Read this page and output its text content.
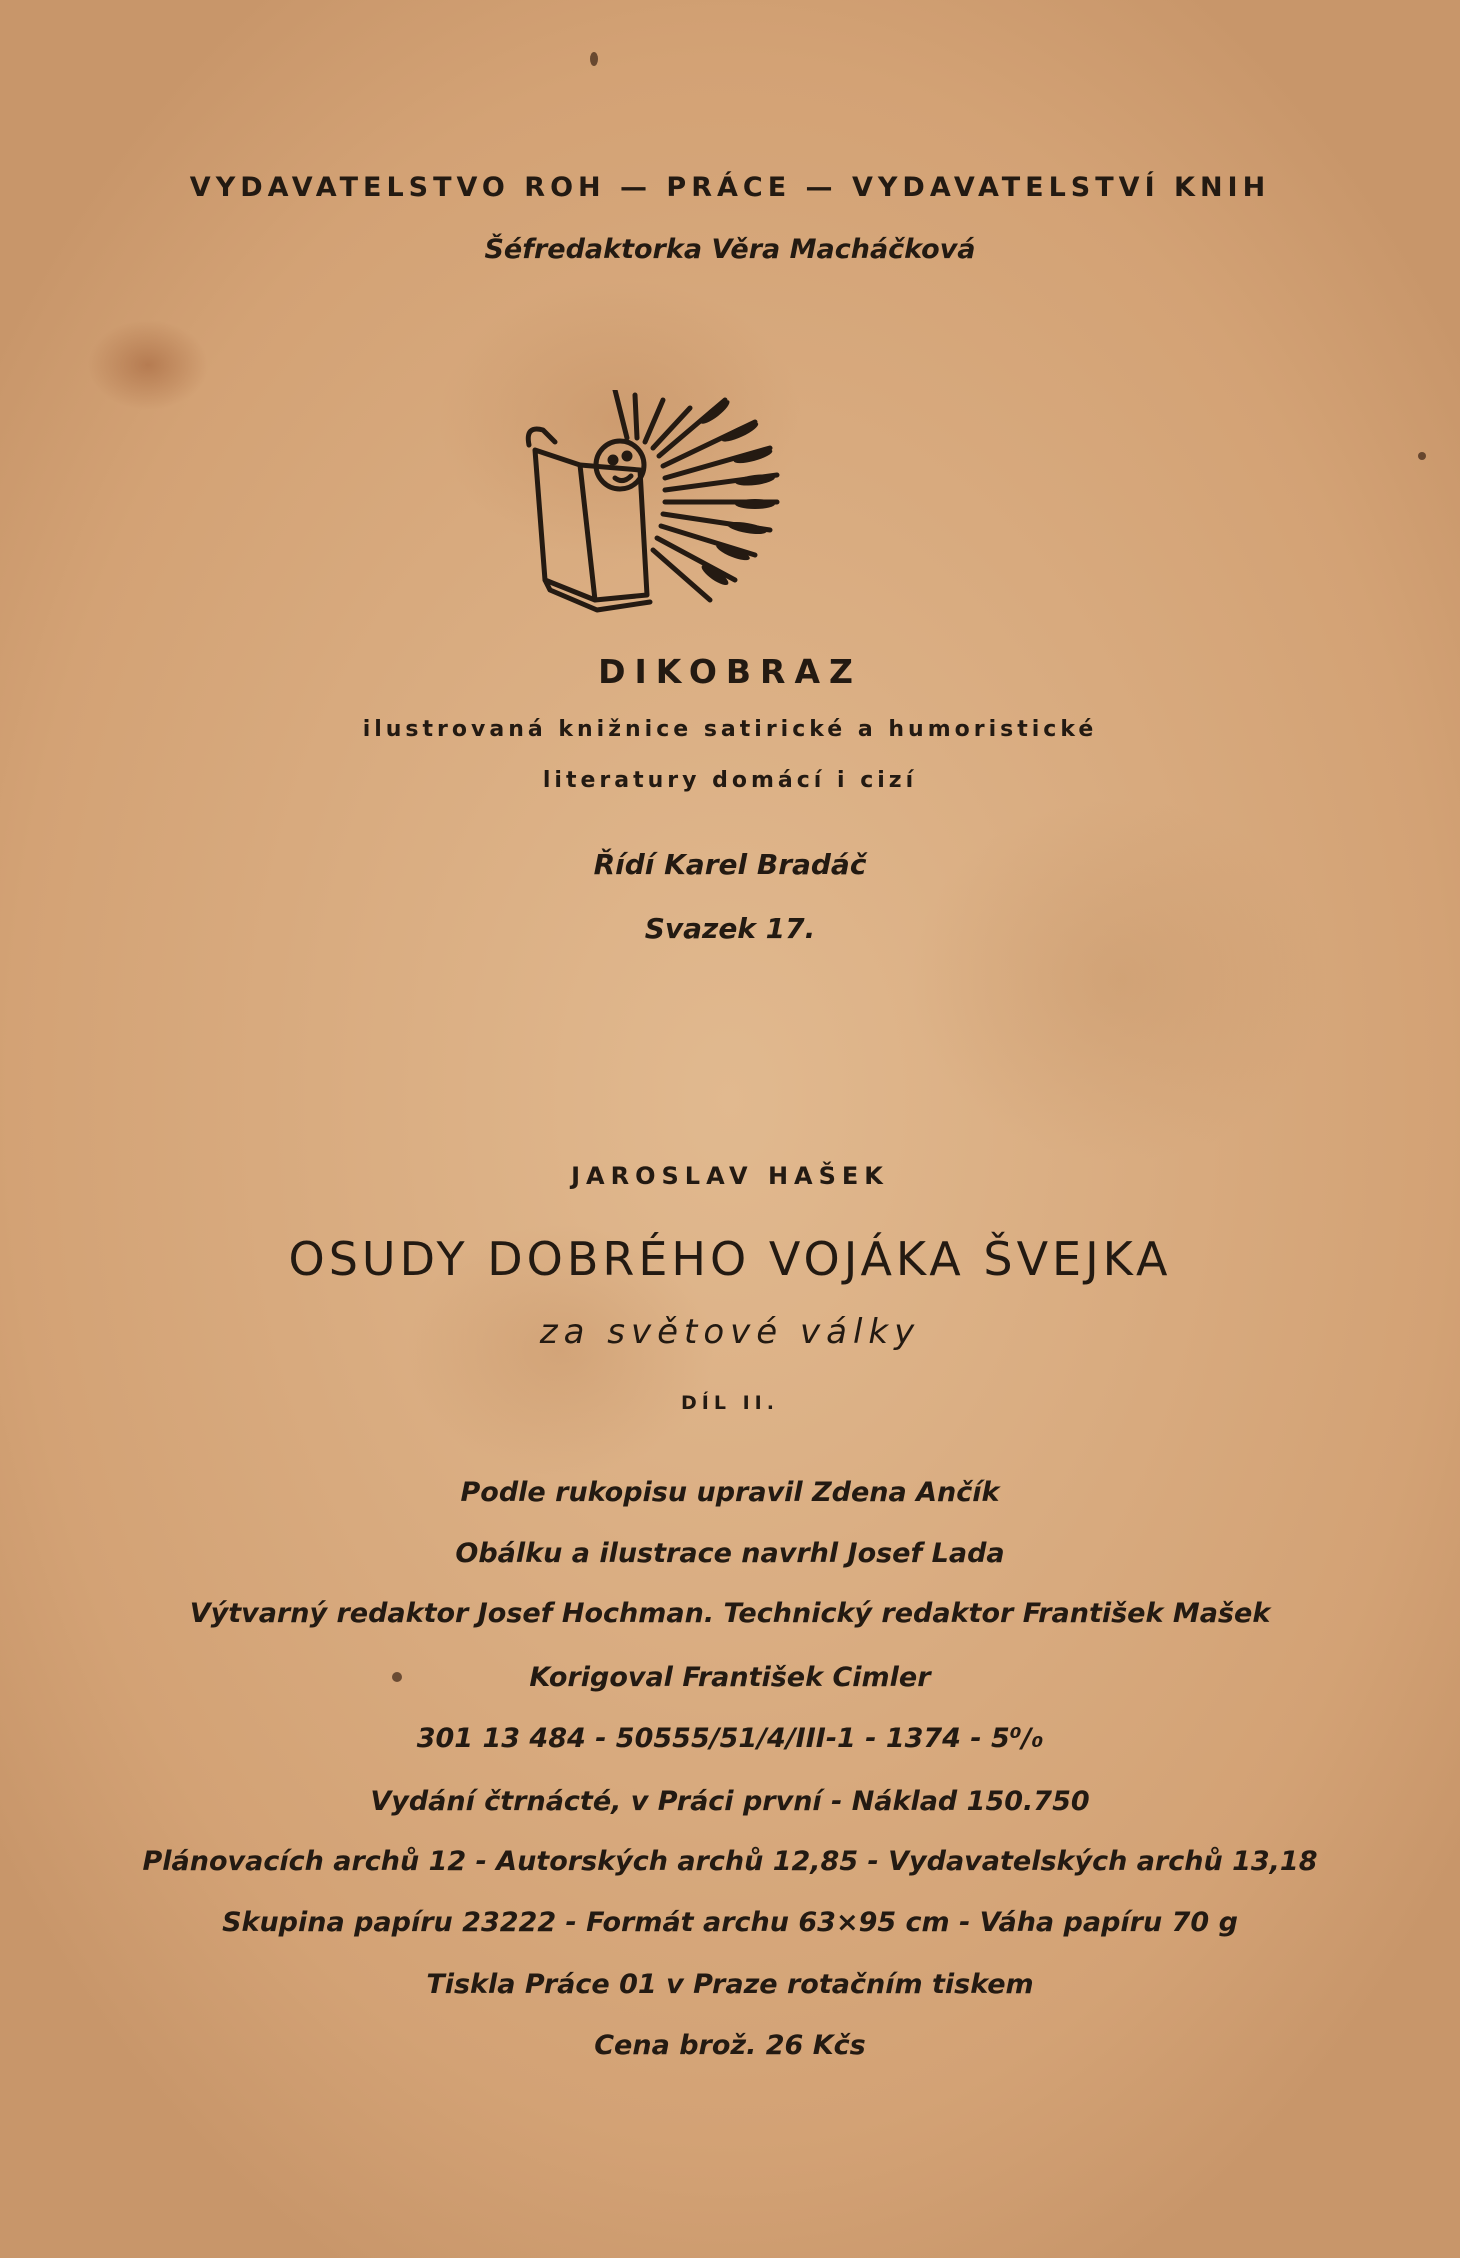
VYDAVATELSTVO ROH — PRÁCE — VYDAVATELSTVÍ KNIH
Šéfredaktorka Věra Macháčková
DIKOBRAZ
ilustrovaná knižnice satirické a humoristické
literatury domácí i cizí
Řídí Karel Bradáč
Svazek 17.
JAROSLAV HAŠEK
OSUDY DOBRÉHO VOJÁKA ŠVEJKA
za světové války
DÍL II.
Podle rukopisu upravil Zdena Ančík
Obálku a ilustrace navrhl Josef Lada
Výtvarný redaktor Josef Hochman. Technický redaktor František Mašek
Korigoval František Cimler
301 13 484 - 50555/51/4/III-1 - 1374 - 5⁰/₀
Vydání čtrnácté, v Práci první - Náklad 150.750
Plánovacích archů 12 - Autorských archů 12,85 - Vydavatelských archů 13,18
Skupina papíru 23222 - Formát archu 63×95 cm - Váha papíru 70 g
Tiskla Práce 01 v Praze rotačním tiskem
Cena brož. 26 Kčs
